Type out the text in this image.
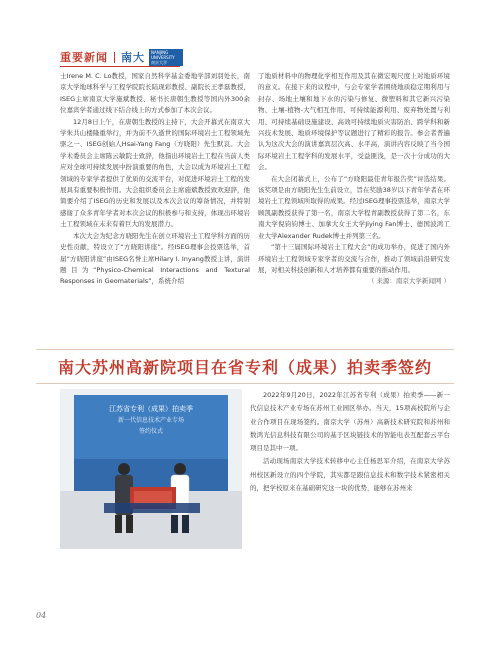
重要新闻 南大 NANJING UNIVERSITY
南京大学

士Irene M. C. Lo教授，国家自然科学基金委地学部刘羽处长，南京大学地球科学与工程学院院长陆现彩教授、副院长王孝磊教授，ISEG主席南京大学施斌教授、秘书长唐朝生教授等国内外300余位嘉宾学者通过线下结合线上的方式参加了本次会议。

12月8日上午，在唐朝生教授的主持下，大会开幕式在南京大学朱共山楼隆重举行，并为前不久逝世的国际环境岩土工程领域先驱之一、ISEG创始人Hsai-Yang Fang（方晓阳）先生默哀。大会学术委员会主席陈云敏院士致辞，他指出环境岩土工程在当前人类应对全球可持续发展中扮演重要的角色，大会以成为环境岩土工程领域的专家学者提供了优质的交流平台，对促进环境岩土工程的发展具有重要积极作用。大会组织委员会主席施斌教授致欢迎辞，他简要介绍了ISEG的历史和发展以及本次会议的筹备情况，并特别感谢了众多青年学者对本次会议的积极参与和支持，体现出环境岩土工程领域在未来有着巨大的发展潜力。

本次大会为纪念方晓阳先生在创立环境岩土工程学科方面的历史性贡献，特设立了“方晓阳讲座”。经ISEG理事会投票选举，首届“方晓阳讲座”由ISEG名誉主席Hilary I. Inyang教授主讲，演讲题目为“Physico-Chemical Interactions and Textural Responses in Geomaterials”，系统介绍

了地质材料中的物理化学相互作用及其在微宏观尺度上对地质环境的意义。在接下来的议程中，与会专家学者围绕地质稳定期利用与封存、场地土壤和地下水的污染与修复、微塑料和其它新兴污染物、土壤-植物-大气相互作用、可持续能源利用、废弃物处置与利用、可持续基础设施建设、高效可持续地质灾害防治、跨学科和新兴技术发展、地质环境保护等议题进行了精彩的报告。参会者普遍认为这次大会的演讲嘉宾层次高、水平高，演讲内容反映了当今国际环境岩土工程学科的发展水平，受益匪浅，是一次十分成功的大会。

在大会闭幕式上，公布了“方晓阳最佳青年报告奖”评选结果。该奖项是由方晓阳先生生前设立，旨在奖励38岁以下青年学者在环境岩土工程领域所取得的成果。经过ISEG理事投票选举，南京大学顾凯副教授获得了第一名，南京大学程青副教授获得了第二名，东南大学倪钧钧博士、加拿大女王大学Jiying Fan博士、德国波鸿工业大学Alexander Rudek博士并列第三名。

“第十三届国际环境岩土工程大会”的成功举办，促进了国内外环境岩土工程领域专家学者的交流与合作，推动了领域前沿研究发展，对相关科技创新和人才培养都有重要的推动作用。

（ 来源：南京大学新闻网 ）
南大苏州高新院项目在省专利（成果）拍卖季签约
江苏省专利（成果）拍卖季
新一代信息技术产业专场
签约仪式

2022年9月20日，2022年江苏省专利（成果）拍卖季——新一代信息技术产业专场在苏州工业园区举办。当天，15项高校院所与企业合作项目在现场签约。南京大学（苏州）高新技术研究院和苏州和数鸿光信息科技有限公司的基于区块链技术的智能电表互配套云平台项目是其中一项。

活动现场南京大学技术转移中心主任杨思军介绍，在南京大学苏州校区新设立的四个学院，其实都是跟信息技术和数字技术紧密相关的，把学校原来在基础研究这一块的优势，能够在苏州来

04
